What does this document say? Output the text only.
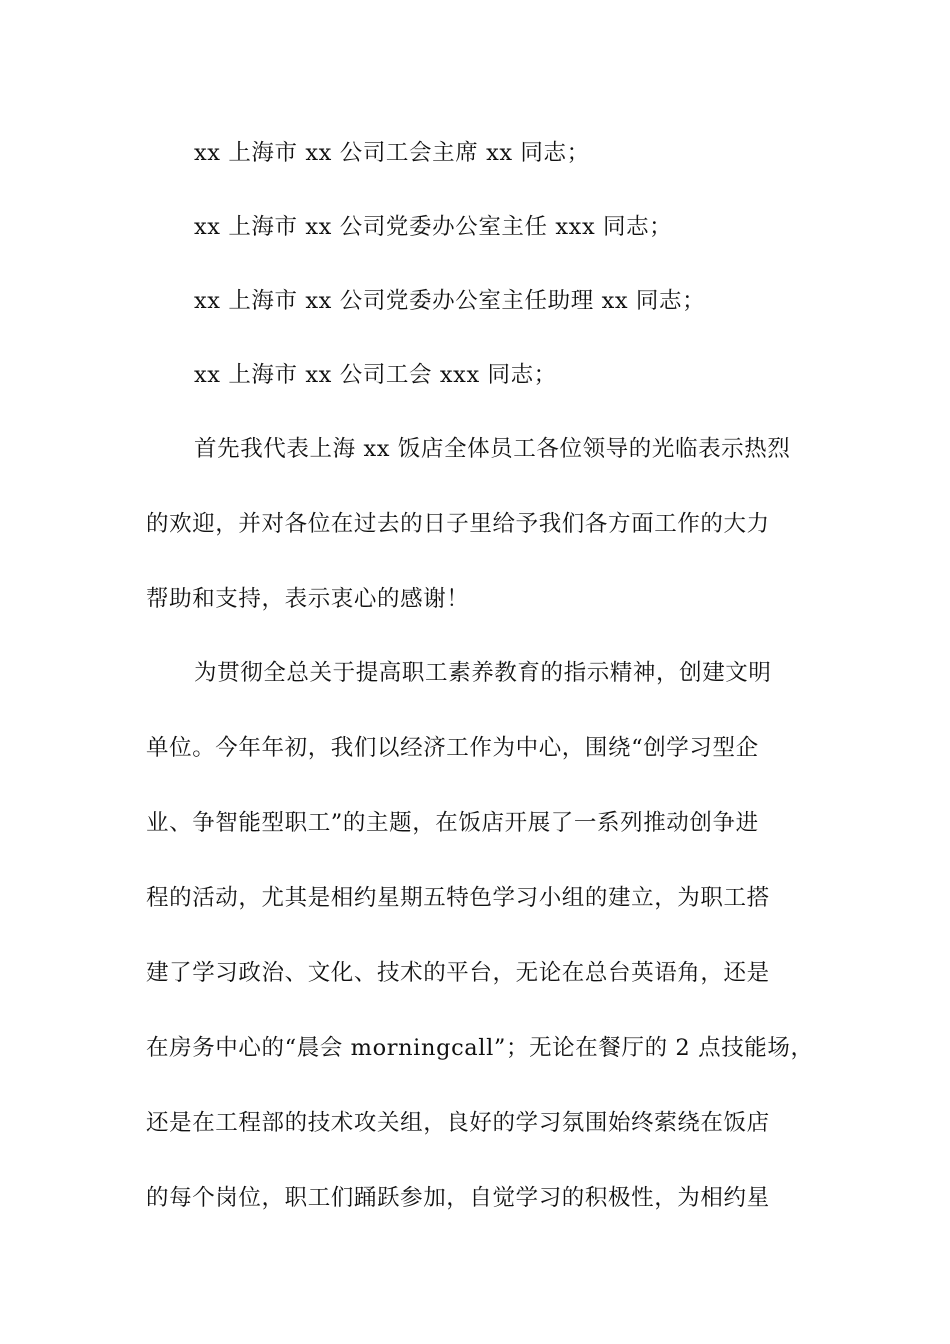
xx 上海市 xx 公司工会主席 xx 同志；
xx 上海市 xx 公司党委办公室主任 xxx 同志；
xx 上海市 xx 公司党委办公室主任助理 xx 同志；
xx 上海市 xx 公司工会 xxx 同志；
首先我代表上海 xx 饭店全体员工各位领导的光临表示热烈
的欢迎，并对各位在过去的日子里给予我们各方面工作的大力
帮助和支持，表示衷心的感谢！
为贯彻全总关于提高职工素养教育的指示精神，创建文明
单位。今年年初，我们以经济工作为中心，围绕“创学习型企
业、争智能型职工”的主题，在饭店开展了一系列推动创争进
程的活动，尤其是相约星期五特色学习小组的建立，为职工搭
建了学习政治、文化、技术的平台，无论在总台英语角，还是
在房务中心的“晨会 morningcall”；无论在餐厅的 2 点技能场，
还是在工程部的技术攻关组，良好的学习氛围始终萦绕在饭店
的每个岗位，职工们踊跃参加，自觉学习的积极性，为相约星
